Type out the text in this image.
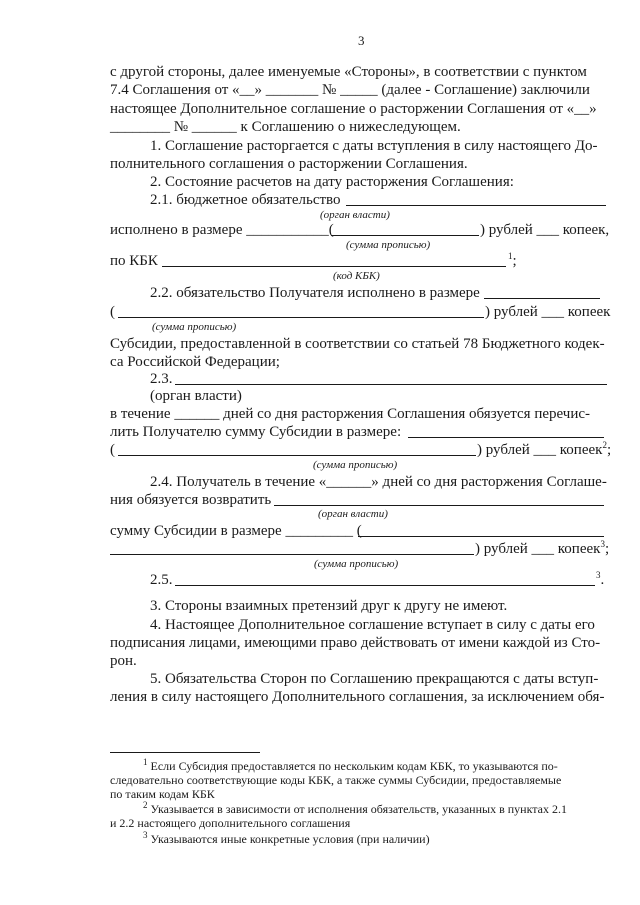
3
с другой стороны, далее именуемые «Стороны», в соответствии с пунктом
7.4 Соглашения от «__» _______ № _____ (далее - Соглашение) заключили
настоящее Дополнительное соглашение о расторжении Соглашения от «__»
________ № ______ к Соглашению о нижеследующем.
1. Соглашение расторгается с даты вступления в силу настоящего До-
полнительного соглашения о расторжении Соглашения.
2. Состояние расчетов на дату расторжения Соглашения:
2.1. бюджетное обязательство
(орган власти)
исполнено в размере ___________(	) рублей ___ копеек,
(сумма прописью)
по КБК	$^1$;
(код КБК)
2.2. обязательство Получателя исполнено в размере
(	) рублей ___ копеек
(сумма прописью)
Субсидии, предоставленной в соответствии со статьей 78 Бюджетного кодек-
са Российской Федерации;
2.3.
(орган власти)
в течение ______ дней со дня расторжения Соглашения обязуется перечис-
лить Получателю сумму Субсидии в размере:
(	) рублей ___ копеек$^2$;
(сумма прописью)
2.4. Получатель в течение «______» дней со дня расторжения Соглаше-
ния обязуется возвратить
(орган власти)
сумму Субсидии в размере _________ (
) рублей ___ копеек$^3$;
(сумма прописью)
2.5.	$^3$.
3. Стороны взаимных претензий друг к другу не имеют.
4. Настоящее Дополнительное соглашение вступает в силу с даты его
подписания лицами, имеющими право действовать от имени каждой из Сто-
рон.
5. Обязательства Сторон по Соглашению прекращаются с даты вступ-
ления в силу настоящего Дополнительного соглашения, за исключением обя-
$^1$ Если Субсидия предоставляется по нескольким кодам КБК, то указываются по-
следовательно соответствующие коды КБК, а также суммы Субсидии, предоставляемые
по таким кодам КБК
$^2$ Указывается в зависимости от исполнения обязательств, указанных в пунктах 2.1
и 2.2 настоящего дополнительного соглашения
$^3$ Указываются иные конкретные условия (при наличии)
